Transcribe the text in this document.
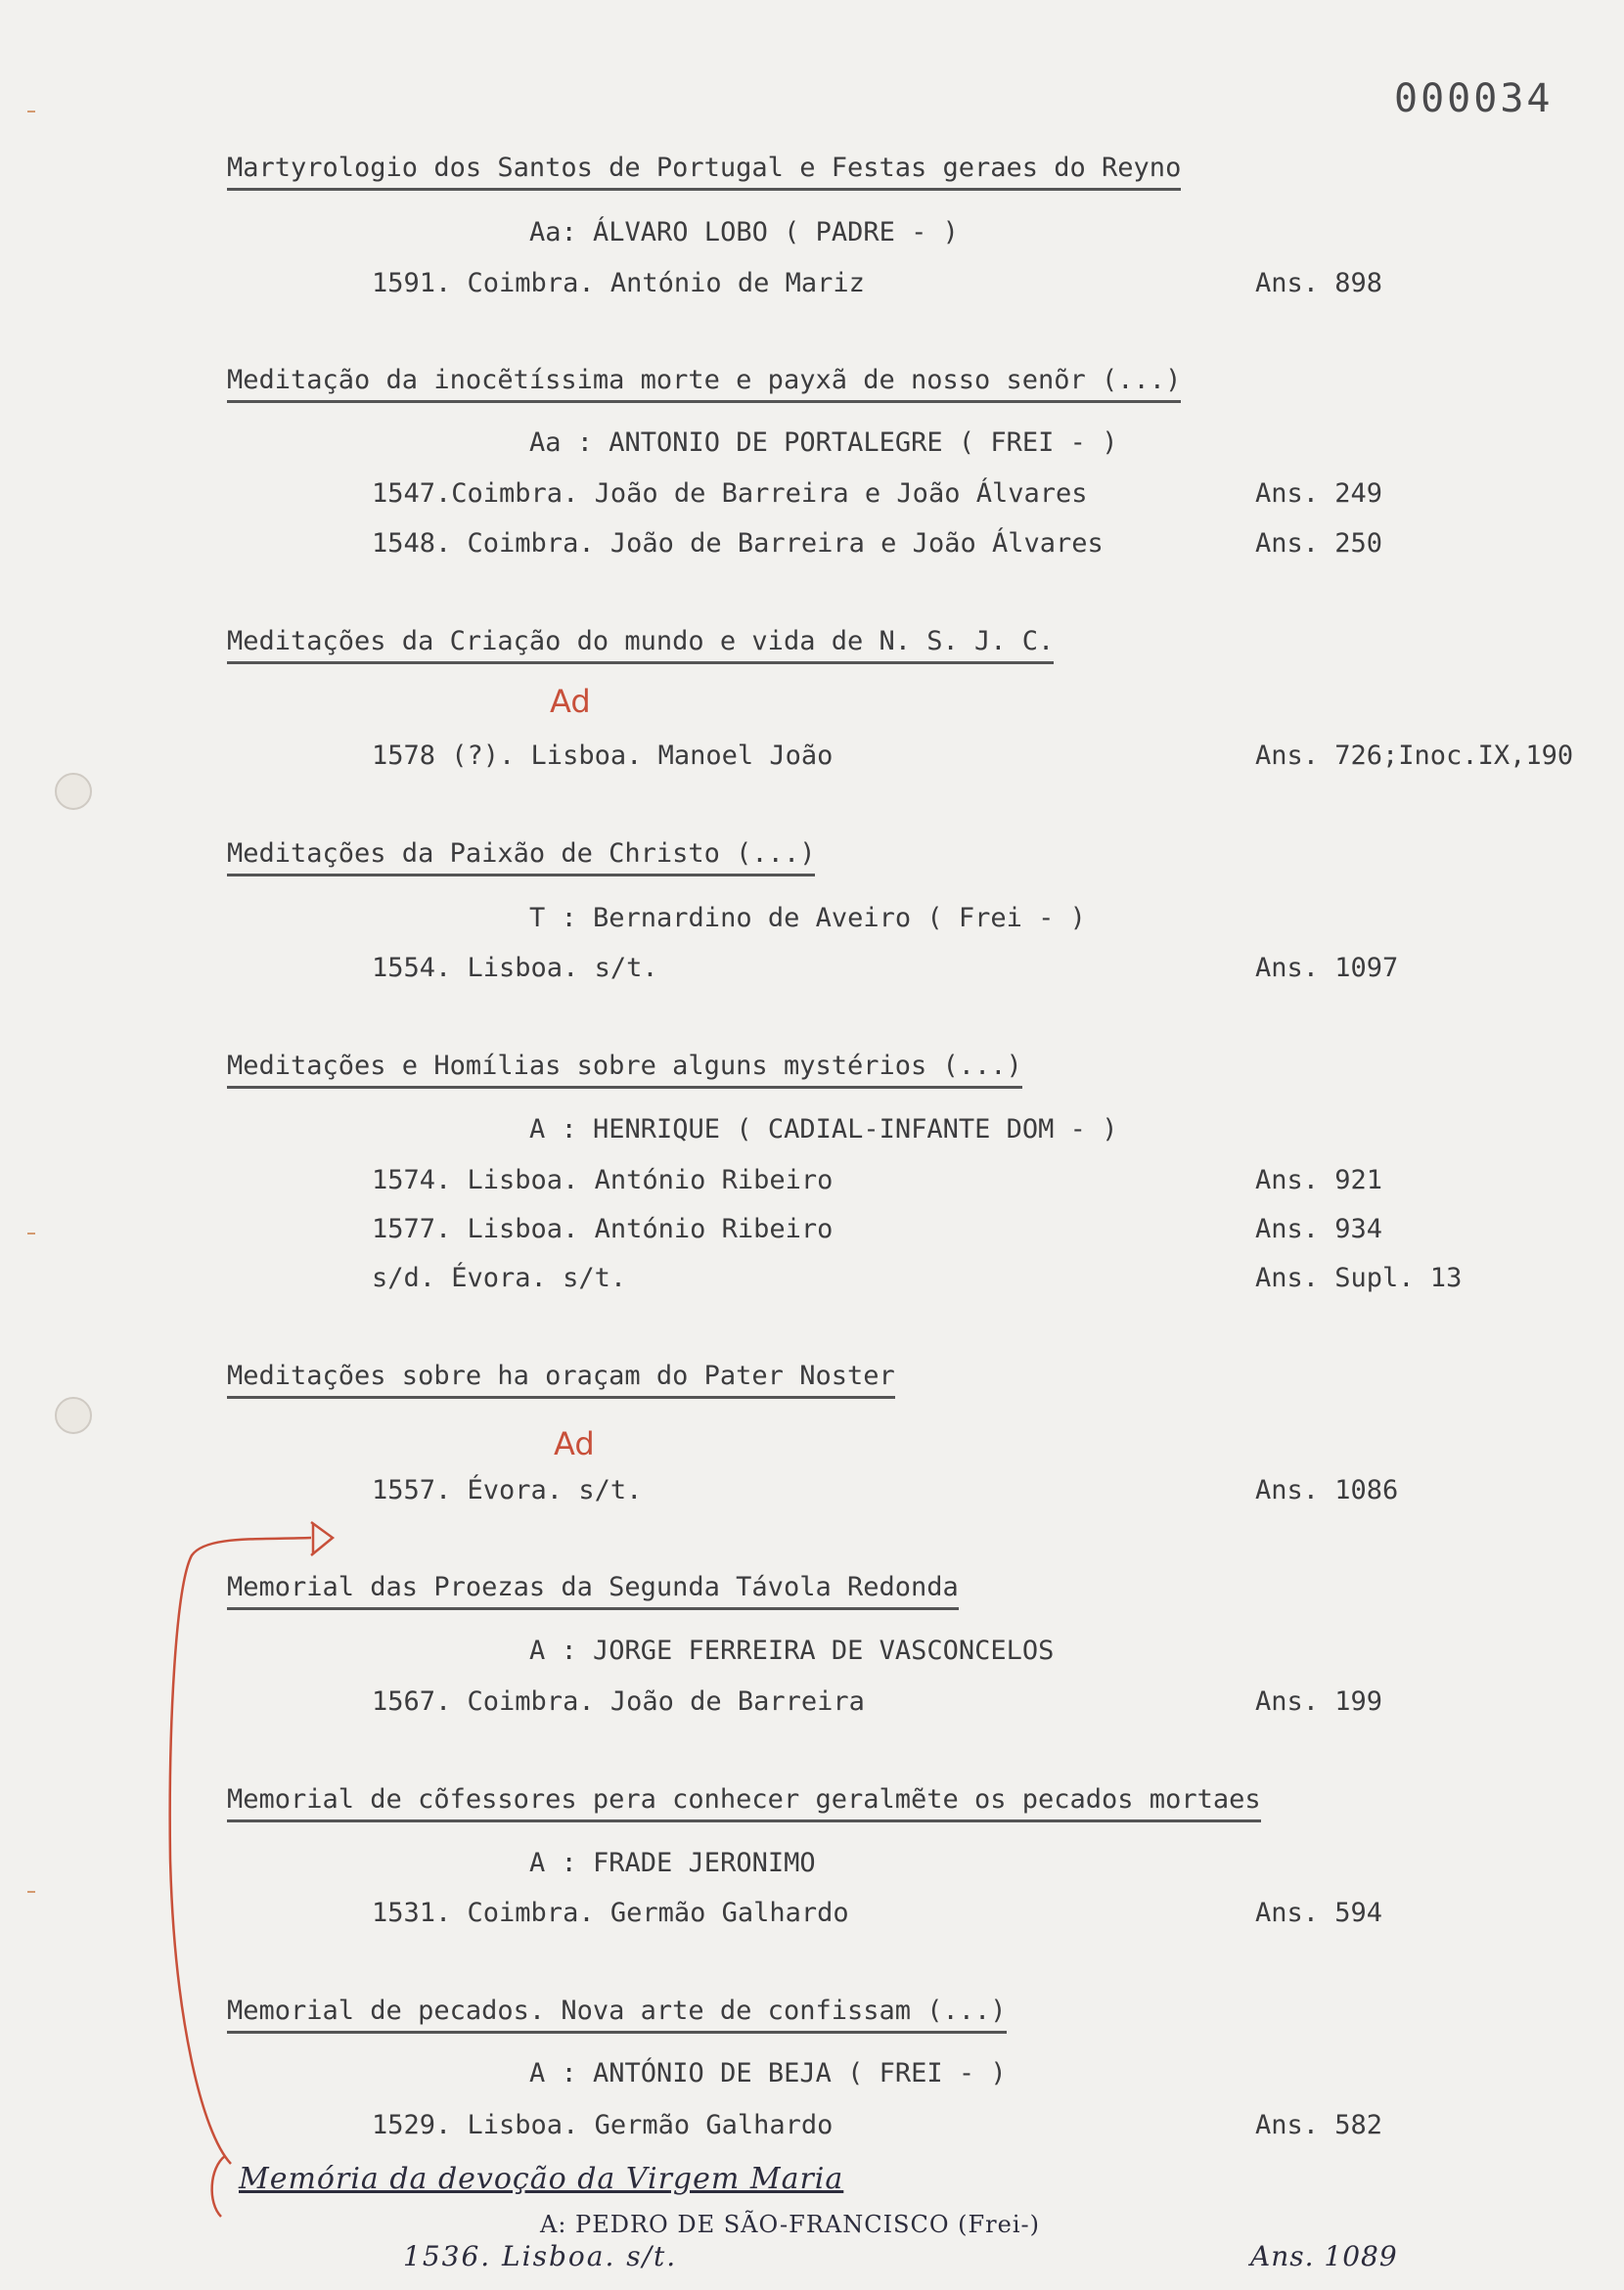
000034
Martyrologio dos Santos de Portugal e Festas geraes do Reyno
Aa: ÁLVARO LOBO ( PADRE - )
1591. Coimbra. António de Mariz	Ans. 898
Meditação da inocẽtíssima morte e payxã de nosso senõr (...)
Aa : ANTONIO DE PORTALEGRE ( FREI - )
1547.Coimbra. João de Barreira e João Álvares	Ans. 249
1548. Coimbra. João de Barreira e João Álvares	Ans. 250
Meditações da Criação do mundo e vida de N. S. J. C.
Ad
1578 (?). Lisboa. Manoel João	Ans. 726;Inoc.IX,190
Meditações da Paixão de Christo (...)
T : Bernardino de Aveiro ( Frei - )
1554. Lisboa. s/t.	Ans. 1097
Meditações e Homílias sobre alguns mystérios (...)
A : HENRIQUE ( CADIAL-INFANTE DOM - )
1574. Lisboa. António Ribeiro	Ans. 921
1577. Lisboa. António Ribeiro	Ans. 934
s/d. Évora. s/t.	Ans. Supl. 13
Meditações sobre ha oraçam do Pater Noster
Ad
1557. Évora. s/t.	Ans. 1086
Memorial das Proezas da Segunda Távola Redonda
A : JORGE FERREIRA DE VASCONCELOS
1567. Coimbra. João de Barreira	Ans. 199
Memorial de cõfessores pera conhecer geralmẽte os pecados mortaes
A : FRADE JERONIMO
1531. Coimbra. Germão Galhardo	Ans. 594
Memorial de pecados. Nova arte de confissam (...)
A : ANTÓNIO DE BEJA ( FREI - )
1529. Lisboa. Germão Galhardo	Ans. 582
Memória da devoção da Virgem Maria
A: PEDRO DE SÃO-FRANCISCO (Frei-)
1536. Lisboa. s/t.	Ans. 1089
